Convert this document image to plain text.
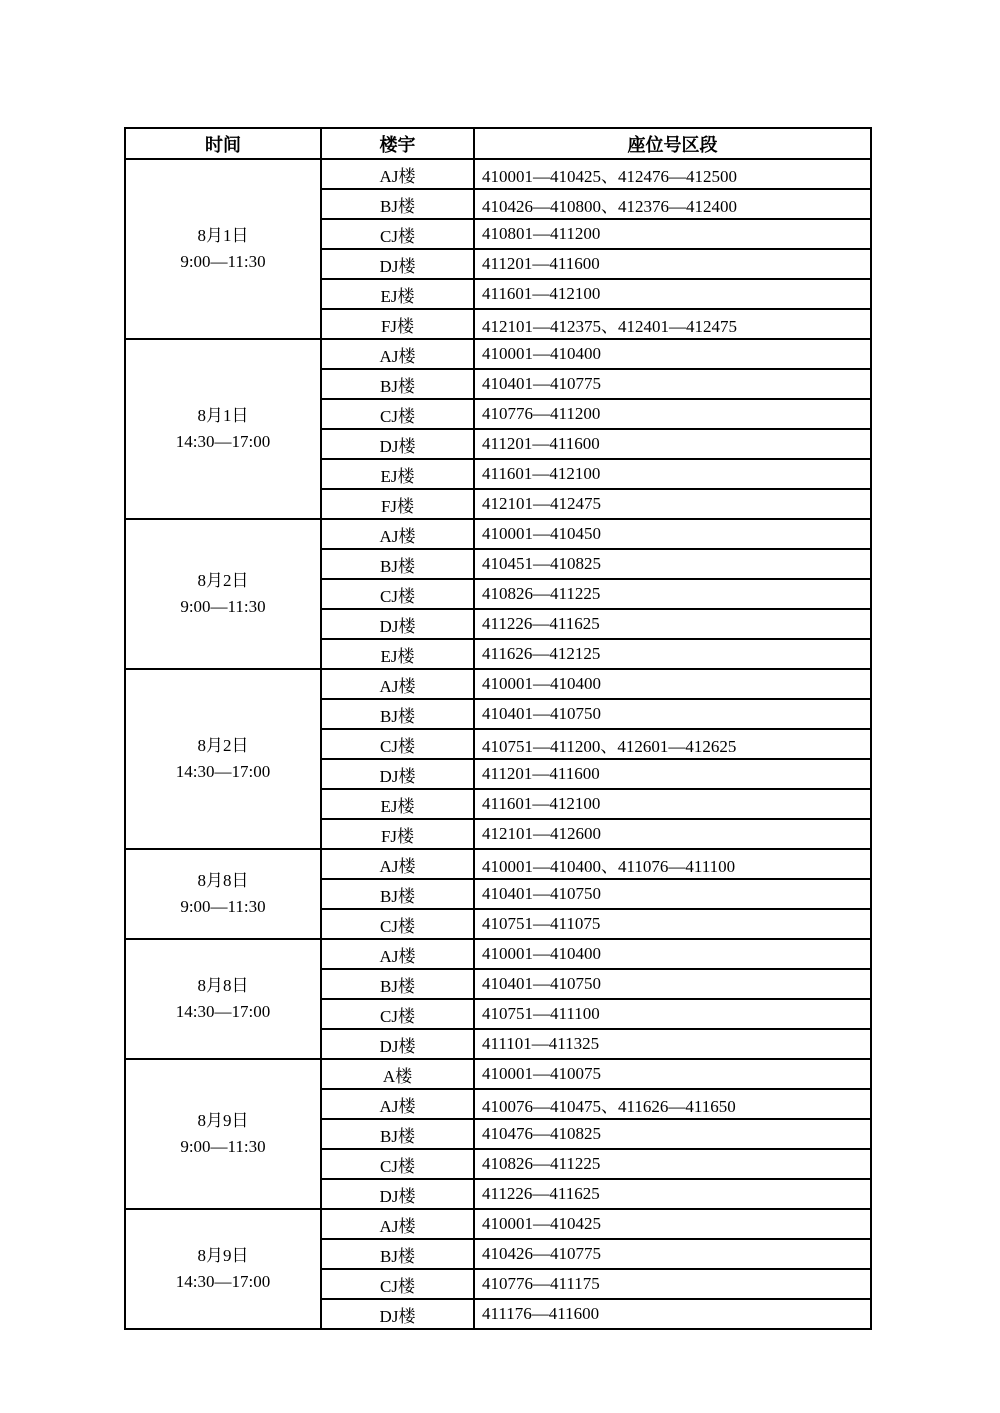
时间	楼宇	座位号区段

8月1日
9:00—11:30	AJ楼	410001—410425、412476—412500
	BJ楼	410426—410800、412376—412400
	CJ楼	410801—411200
	DJ楼	411201—411600
	EJ楼	411601—412100
	FJ楼	412101—412375、412401—412475

8月1日
14:30—17:00	AJ楼	410001—410400
	BJ楼	410401—410775
	CJ楼	410776—411200
	DJ楼	411201—411600
	EJ楼	411601—412100
	FJ楼	412101—412475

8月2日
9:00—11:30	AJ楼	410001—410450
	BJ楼	410451—410825
	CJ楼	410826—411225
	DJ楼	411226—411625
	EJ楼	411626—412125

8月2日
14:30—17:00	AJ楼	410001—410400
	BJ楼	410401—410750
	CJ楼	410751—411200、412601—412625
	DJ楼	411201—411600
	EJ楼	411601—412100
	FJ楼	412101—412600

8月8日
9:00—11:30	AJ楼	410001—410400、411076—411100
	BJ楼	410401—410750
	CJ楼	410751—411075

8月8日
14:30—17:00	AJ楼	410001—410400
	BJ楼	410401—410750
	CJ楼	410751—411100
	DJ楼	411101—411325

8月9日
9:00—11:30	A楼	410001—410075
	AJ楼	410076—410475、411626—411650
	BJ楼	410476—410825
	CJ楼	410826—411225
	DJ楼	411226—411625

8月9日
14:30—17:00	AJ楼	410001—410425
	BJ楼	410426—410775
	CJ楼	410776—411175
	DJ楼	411176—411600
